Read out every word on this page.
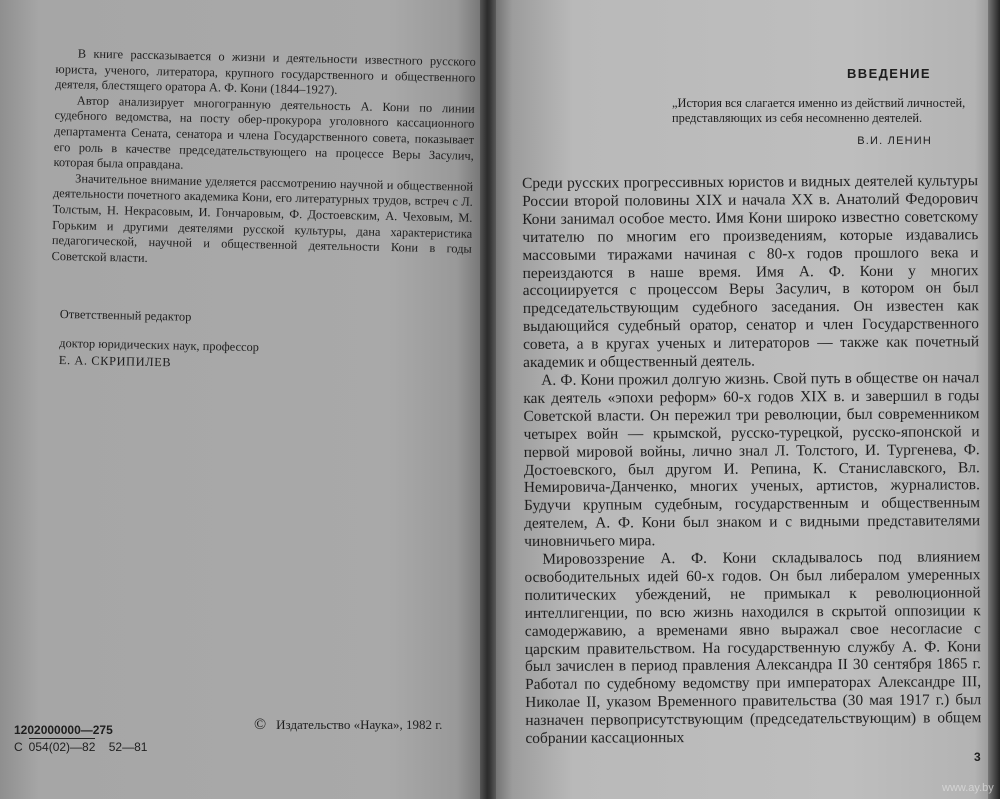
В книге рассказывается о жизни и деятельности известного русского юриста, ученого, литератора, крупного государственного и общественного деятеля, блестящего оратора А. Ф. Кони (1844–1927).

Автор анализирует многогранную деятельность А. Кони по линии судебного ведомства, на посту обер-прокурора уголовного кассационного департамента Сената, сенатора и члена Государственного совета, показывает его роль в качестве председательствующего на процессе Веры Засулич, которая была оправдана.

Значительное внимание уделяется рассмотрению научной и общественной деятельности почетного академика Кони, его литературных трудов, встреч с Л. Толстым, Н. Некрасовым, И. Гончаровым, Ф. Достоевским, А. Чеховым, М. Горьким и другими деятелями русской культуры, дана характеристика педагогической, научной и общественной деятельности Кони в годы Советской власти.

Ответственный редактор
доктор юридических наук, профессор
Е. А. СКРИПИЛЕВ
1202000000—275
С 054(02)—82 52—81
© Издательство «Наука», 1982 г.
ВВЕДЕНИЕ
„История вся слагается именно из действий личностей, представляющих из себя несомненно деятелей.
В.И. ЛЕНИН

Среди русских прогрессивных юристов и видных деятелей культуры России второй половины XIX и начала XX в. Анатолий Федорович Кони занимал особое место. Имя Кони широко известно советскому читателю по многим его произведениям, которые издавались массовыми тиражами начиная с 80-х годов прошлого века и переиздаются в наше время. Имя А. Ф. Кони у многих ассоциируется с процессом Веры Засулич, в котором он был председательствующим судебного заседания. Он известен как выдающийся судебный оратор, сенатор и член Государственного совета, а в кругах ученых и литераторов — также как почетный академик и общественный деятель.

А. Ф. Кони прожил долгую жизнь. Свой путь в обществе он начал как деятель «эпохи реформ» 60-х годов XIX в. и завершил в годы Советской власти. Он пережил три революции, был современником четырех войн — крымской, русско-турецкой, русско-японской и первой мировой войны, лично знал Л. Толстого, И. Тургенева, Ф. Достоевского, был другом И. Репина, К. Станиславского, Вл. Немировича-Данченко, многих ученых, артистов, журналистов. Будучи крупным судебным, государственным и общественным деятелем, А. Ф. Кони был знаком и с видными представителями чиновничьего мира.

Мировоззрение А. Ф. Кони складывалось под влиянием освободительных идей 60-х годов. Он был либералом умеренных политических убеждений, не примыкал к революционной интеллигенции, по всю жизнь находился в скрытой оппозиции к самодержавию, а временами явно выражал свое несогласие с царским правительством. На государственную службу А. Ф. Кони был зачислен в период правления Александра II 30 сентября 1865 г. Работал по судебному ведомству при императорах Александре III, Николае II, указом Временного правительства (30 мая 1917 г.) был назначен первоприсутствующим (председательствующим) в общем собрании кассационных

3
www.ay.by
